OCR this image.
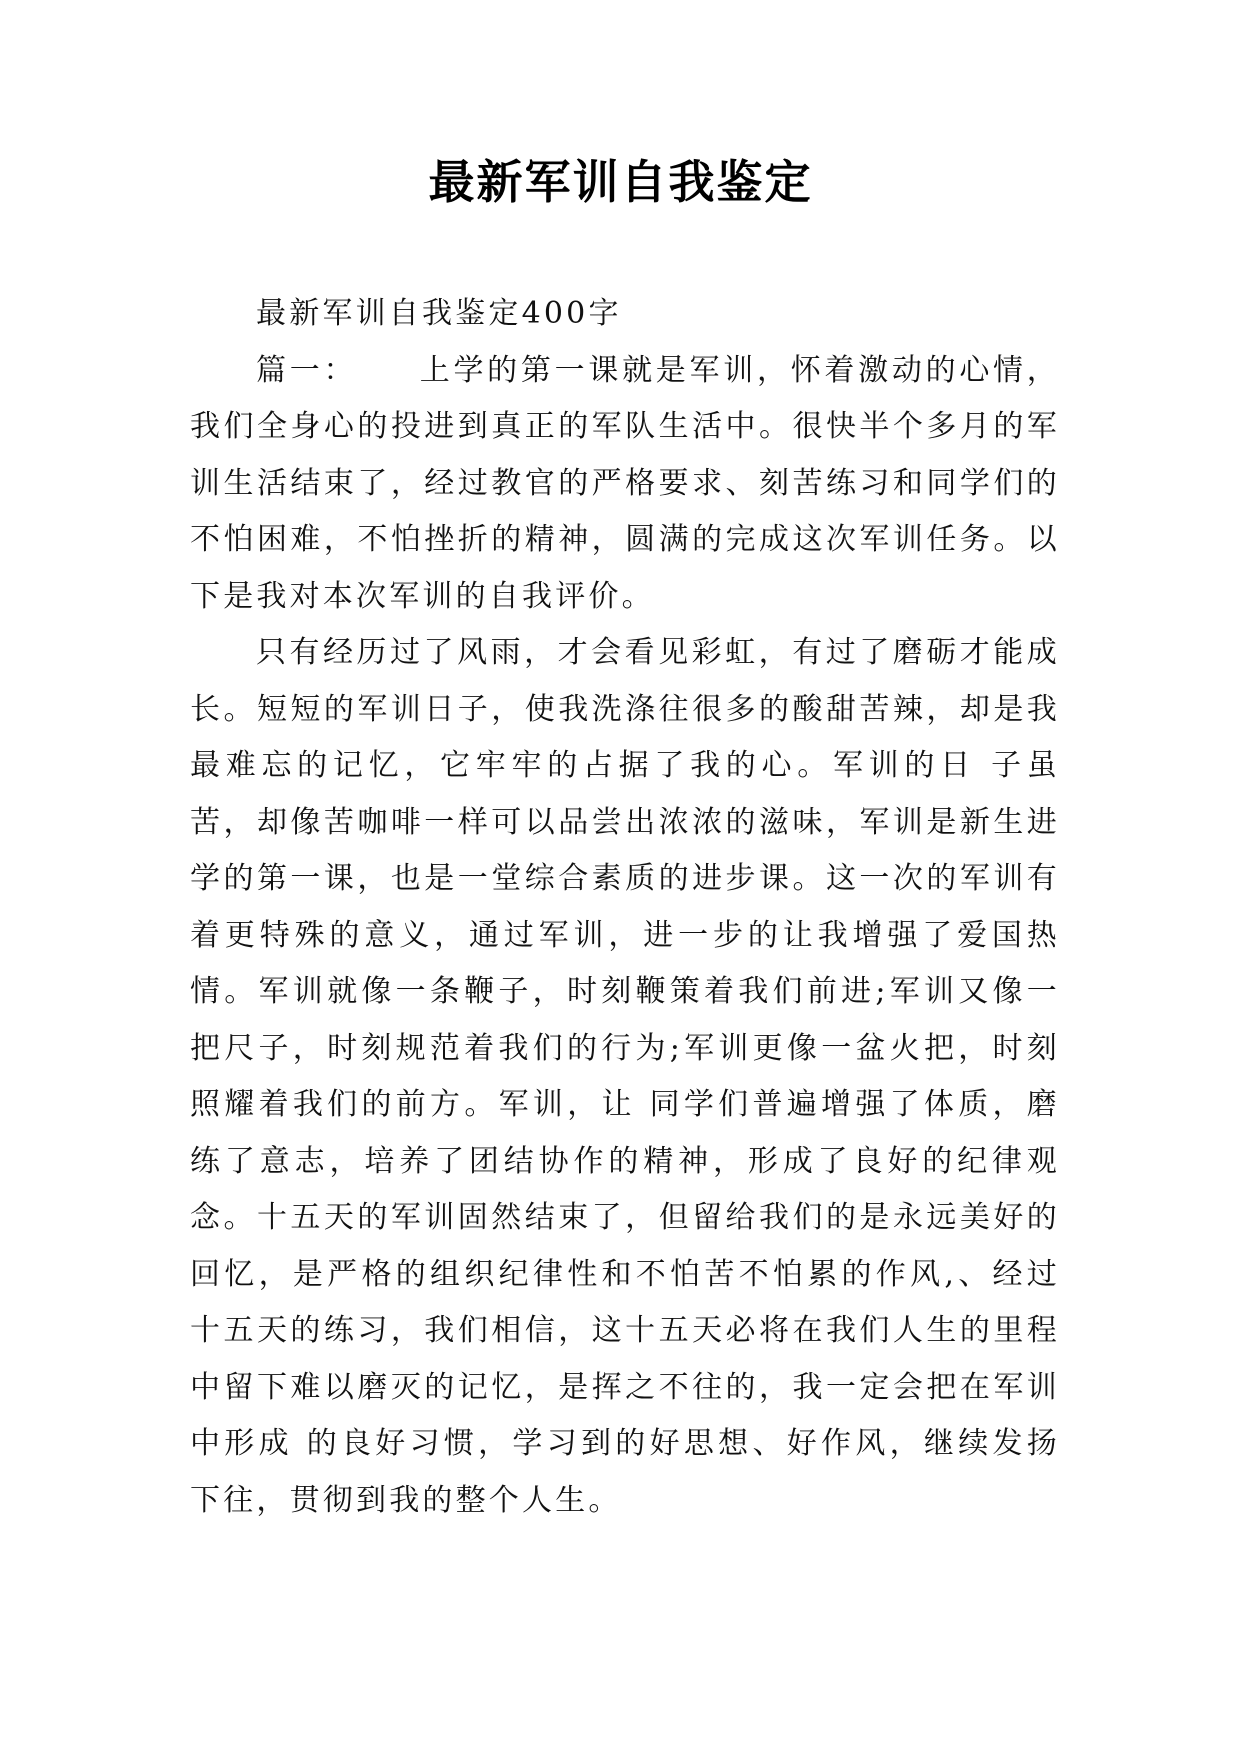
最新军训自我鉴定

最新军训自我鉴定400字

篇一： 上学的第一课就是军训，怀着激动的心情，我们全身心的投进到真正的军队生活中。很快半个多月的军训生活结束了，经过教官的严格要求、刻苦练习和同学们的不怕困难，不怕挫折的精神，圆满的完成这次军训任务。以下是我对本次军训的自我评价。

只有经历过了风雨，才会看见彩虹，有过了磨砺才能成长。短短的军训日子，使我洗涤往很多的酸甜苦辣，却是我最难忘的记忆，它牢牢的占据了我的心。军训的日 子虽苦，却像苦咖啡一样可以品尝出浓浓的滋味，军训是新生进学的第一课，也是一堂综合素质的进步课。这一次的军训有着更特殊的意义，通过军训，进一步的让我增强了爱国热情。军训就像一条鞭子，时刻鞭策着我们前进;军训又像一把尺子，时刻规范着我们的行为;军训更像一盆火把，时刻照耀着我们的前方。军训，让 同学们普遍增强了体质，磨练了意志，培养了团结协作的精神，形成了良好的纪律观念。十五天的军训固然结束了，但留给我们的是永远美好的回忆，是严格的组织纪律性和不怕苦不怕累的作风,、经过十五天的练习，我们相信，这十五天必将在我们人生的里程中留下难以磨灭的记忆，是挥之不往的，我一定会把在军训中形成 的良好习惯，学习到的好思想、好作风，继续发扬下往，贯彻到我的整个人生。
